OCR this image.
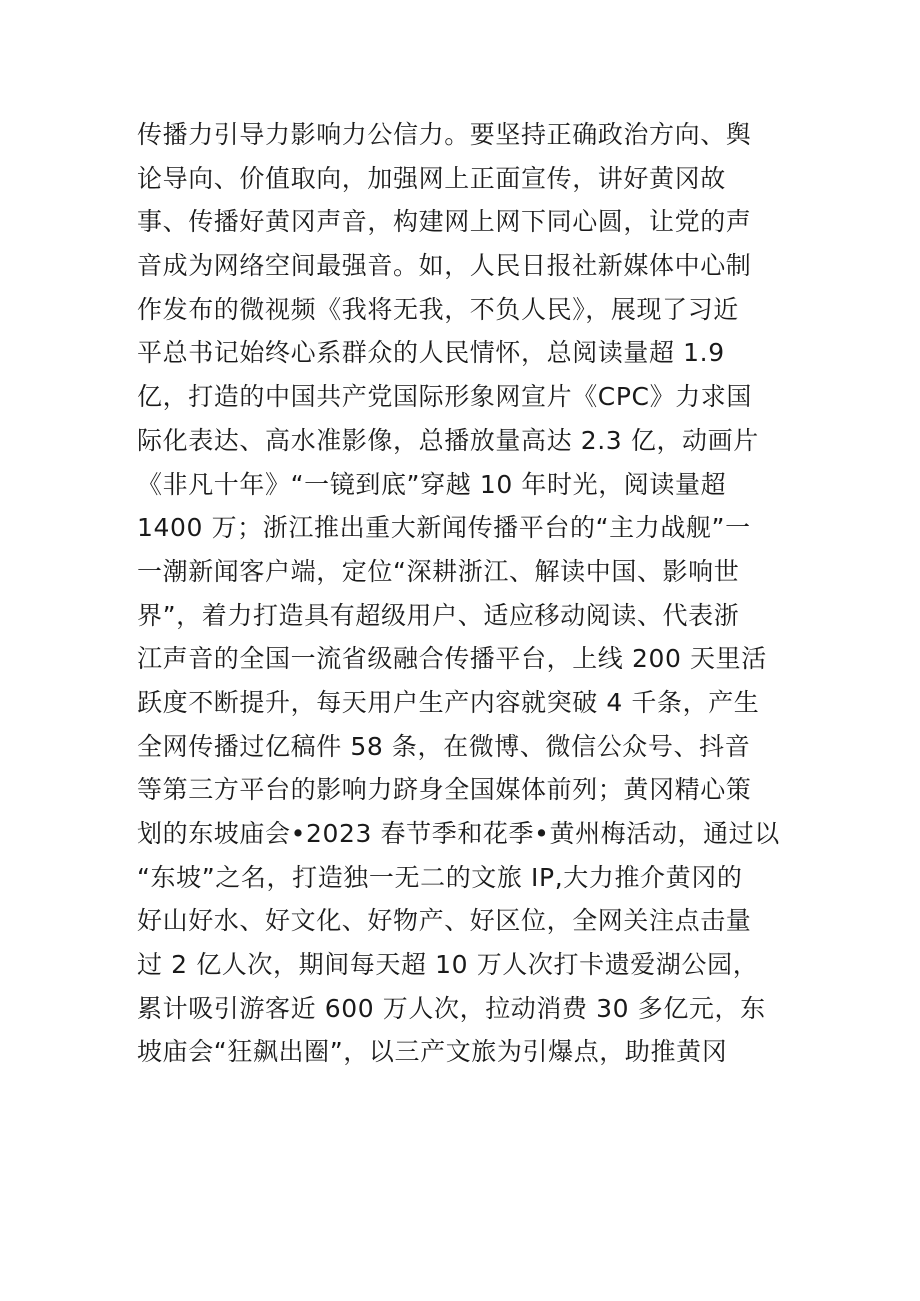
传播力引导力影响力公信力。要坚持正确政治方向、舆
论导向、价值取向，加强网上正面宣传，讲好黄冈故
事、传播好黄冈声音，构建网上网下同心圆，让党的声
音成为网络空间最强音。如，人民日报社新媒体中心制
作发布的微视频《我将无我，不负人民》，展现了习近
平总书记始终心系群众的人民情怀，总阅读量超 1.9
亿，打造的中国共产党国际形象网宣片《CPC》力求国
际化表达、高水准影像，总播放量高达 2.3 亿，动画片
《非凡十年》“一镜到底”穿越 10 年时光，阅读量超
1400 万；浙江推出重大新闻传播平台的“主力战舰”一
一潮新闻客户端，定位“深耕浙江、解读中国、影响世
界”，着力打造具有超级用户、适应移动阅读、代表浙
江声音的全国一流省级融合传播平台，上线 200 天里活
跃度不断提升，每天用户生产内容就突破 4 千条，产生
全网传播过亿稿件 58 条，在微博、微信公众号、抖音
等第三方平台的影响力跻身全国媒体前列；黄冈精心策
划的东坡庙会•2023 春节季和花季•黄州梅活动，通过以
“东坡”之名，打造独一无二的文旅 IP,大力推介黄冈的
好山好水、好文化、好物产、好区位，全网关注点击量
过 2 亿人次，期间每天超 10 万人次打卡遗爱湖公园，
累计吸引游客近 600 万人次，拉动消费 30 多亿元，东
坡庙会“狂飙出圈”，以三产文旅为引爆点，助推黄冈
